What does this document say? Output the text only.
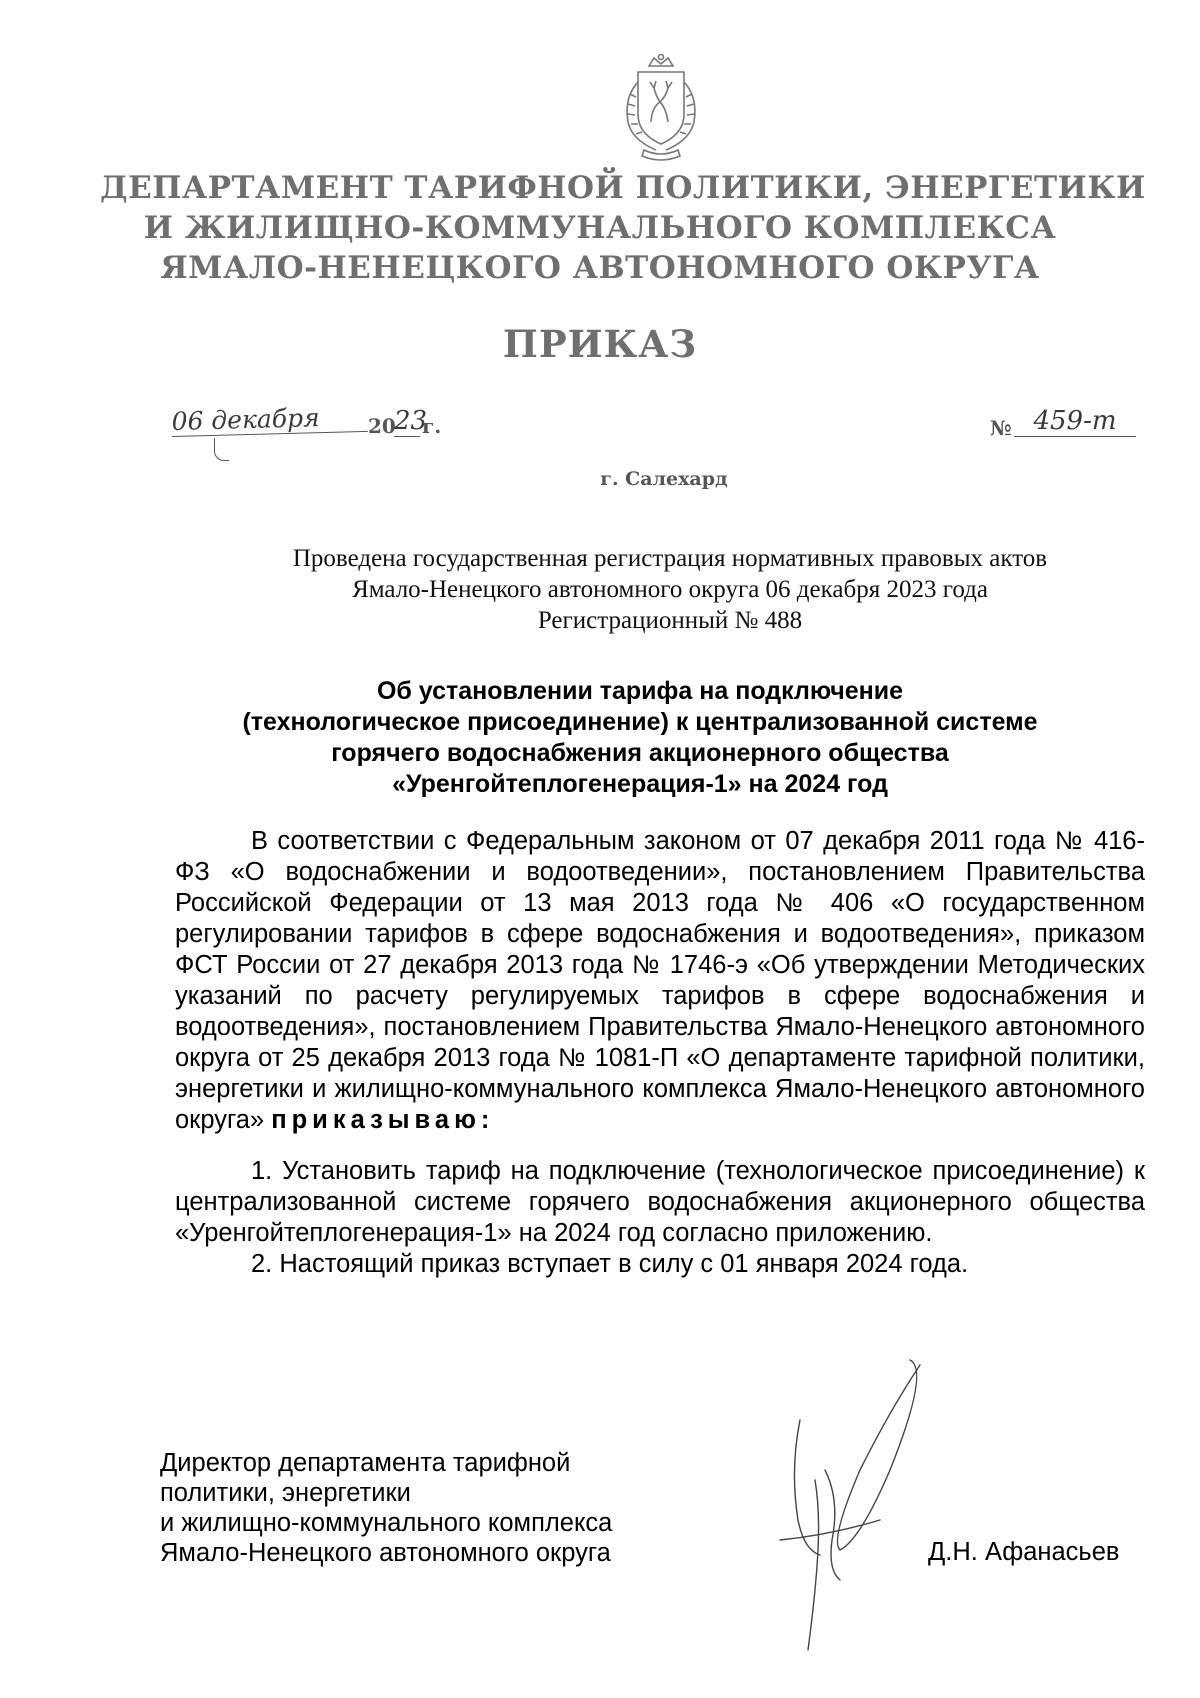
ДЕПАРТАМЕНТ ТАРИФНОЙ ПОЛИТИКИ, ЭНЕРГЕТИКИ
И ЖИЛИЩНО-КОММУНАЛЬНОГО КОМПЛЕКСА
ЯМАЛО-НЕНЕЦКОГО АВТОНОМНОГО ОКРУГА
ПРИКАЗ
06 декабря	20
23
г.	№ 459-т
г. Салехард
Проведена государственная регистрация нормативных правовых актов
Ямало-Ненецкого автономного округа 06 декабря 2023 года
Регистрационный № 488
Об установлении тарифа на подключение
(технологическое присоединение) к централизованной системе
горячего водоснабжения акционерного общества
«Уренгойтеплогенерация-1» на 2024 год

В соответствии с Федеральным законом от 07 декабря 2011 года № 416-ФЗ «О водоснабжении и водоотведении», постановлением Правительства Российской Федерации от 13 мая 2013 года № 406 «О государственном регулировании тарифов в сфере водоснабжения и водоотведения», приказом ФСТ России от 27 декабря 2013 года № 1746-э «Об утверждении Методических указаний по расчету регулируемых тарифов в сфере водоснабжения и водоотведения», постановлением Правительства Ямало-Ненецкого автономного округа от 25 декабря 2013 года № 1081-П «О департаменте тарифной политики, энергетики и жилищно-коммунального комплекса Ямало-Ненецкого автономного округа» приказываю:

1. Установить тариф на подключение (технологическое присоединение) к централизованной системе горячего водоснабжения акционерного общества «Уренгойтеплогенерация-1» на 2024 год согласно приложению.

2. Настоящий приказ вступает в силу с 01 января 2024 года.

Директор департамента тарифной
политики, энергетики
и жилищно-коммунального комплекса
Ямало-Ненецкого автономного округа	Д.Н. Афанасьев
